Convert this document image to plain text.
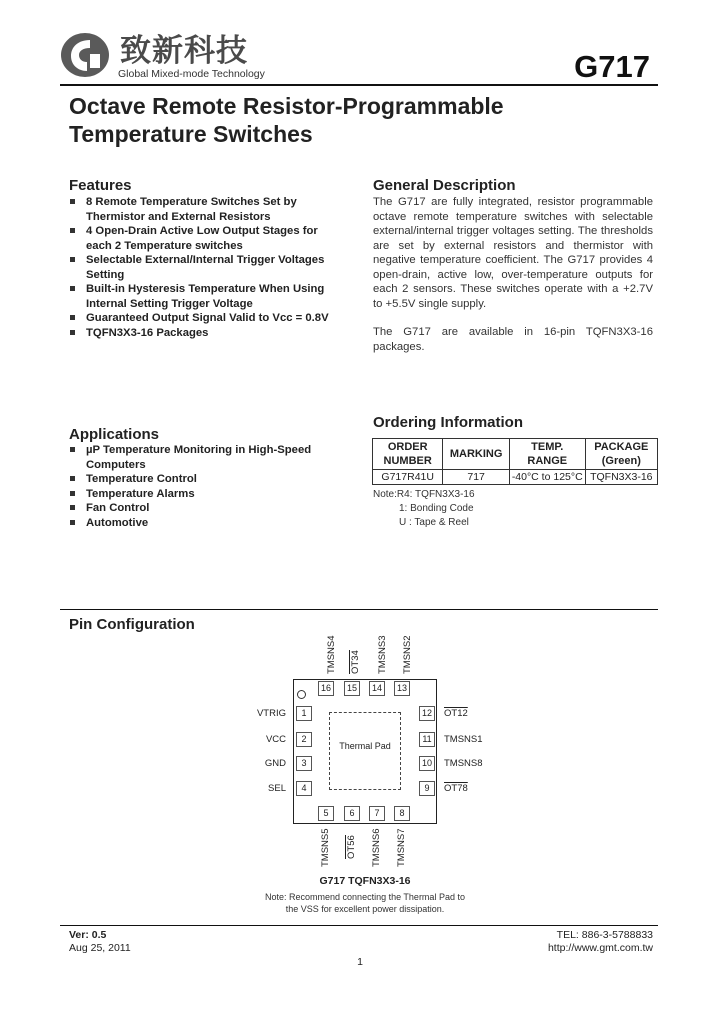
致新科技
Global Mixed-mode Technology	G717
Octave Remote Resistor-Programmable Temperature Switches
Features
8 Remote Temperature Switches Set by Thermistor and External Resistors
4 Open-Drain Active Low Output Stages for each 2 Temperature switches
Selectable External/Internal Trigger Voltages Setting
Built-in Hysteresis Temperature When Using Internal Setting Trigger Voltage
Guaranteed Output Signal Valid to Vcc = 0.8V
TQFN3X3-16 Packages
Applications
µP Temperature Monitoring in High-Speed Computers
Temperature Control
Temperature Alarms
Fan Control
Automotive
General Description
The G717 are fully integrated, resistor programmable octave remote temperature switches with selectable external/internal trigger voltages setting. The thresholds are set by external resistors and thermistor with negative temperature coefficient. The G717 provides 4 open-drain, active low, over-temperature outputs for each 2 sensors. These switches operate with a +2.7V to +5.5V single supply.
The G717 are available in 16-pin TQFN3X3-16 packages.
Ordering Information
ORDER NUMBER	MARKING	TEMP. RANGE	PACKAGE (Green)
G717R41U	717	-40°C to 125°C	TQFN3X3-16
Note:R4: TQFN3X3-16
1: Bonding Code
U : Tape & Reel
Pin Configuration
Thermal Pad
16	15	14	13
TMSNS4 OT34 TMSNS3 TMSNS2
1
2
3
4
VTRIG
VCC
GND
SEL
12
11
10
9
OT12
TMSNS1
TMSNS8
OT78
5	6	7	8
TMSNS5 OT56 TMSNS6 TMSNS7
G717 TQFN3X3-16
Note: Recommend connecting the Thermal Pad to
the VSS for excellent power dissipation.
Ver: 0.5
Aug 25, 2011
TEL: 886-3-5788833
http://www.gmt.com.tw
1
